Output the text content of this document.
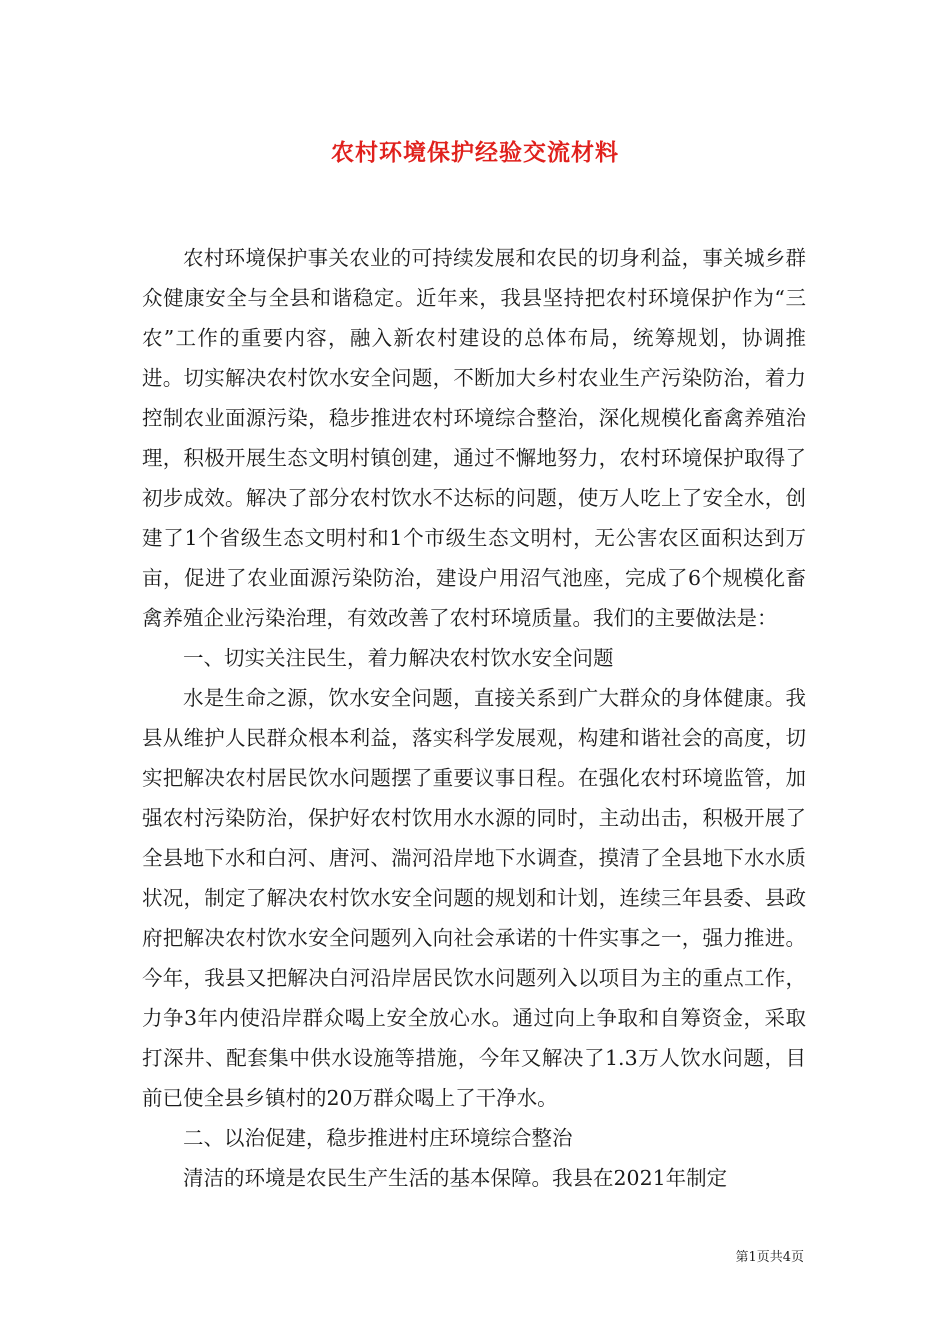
农村环境保护经验交流材料

农村环境保护事关农业的可持续发展和农民的切身利益，事关城乡群众健康安全与全县和谐稳定。近年来，我县坚持把农村环境保护作为“三农”工作的重要内容，融入新农村建设的总体布局，统筹规划，协调推进。切实解决农村饮水安全问题，不断加大乡村农业生产污染防治，着力控制农业面源污染，稳步推进农村环境综合整治，深化规模化畜禽养殖治理，积极开展生态文明村镇创建，通过不懈地努力，农村环境保护取得了初步成效。解决了部分农村饮水不达标的问题，使万人吃上了安全水，创建了1个省级生态文明村和1个市级生态文明村，无公害农区面积达到万亩，促进了农业面源污染防治，建设户用沼气池座，完成了6个规模化畜禽养殖企业污染治理，有效改善了农村环境质量。我们的主要做法是：

一、切实关注民生，着力解决农村饮水安全问题

水是生命之源，饮水安全问题，直接关系到广大群众的身体健康。我县从维护人民群众根本利益，落实科学发展观，构建和谐社会的高度，切实把解决农村居民饮水问题摆了重要议事日程。在强化农村环境监管，加强农村污染防治，保护好农村饮用水水源的同时，主动出击，积极开展了全县地下水和白河、唐河、湍河沿岸地下水调查，摸清了全县地下水水质状况，制定了解决农村饮水安全问题的规划和计划，连续三年县委、县政府把解决农村饮水安全问题列入向社会承诺的十件实事之一，强力推进。今年，我县又把解决白河沿岸居民饮水问题列入以项目为主的重点工作，力争3年内使沿岸群众喝上安全放心水。通过向上争取和自筹资金，采取打深井、配套集中供水设施等措施，今年又解决了1.3万人饮水问题，目前已使全县乡镇村的20万群众喝上了干净水。

二、以治促建，稳步推进村庄环境综合整治

清洁的环境是农民生产生活的基本保障。我县在2021年制定

第1页共4页
